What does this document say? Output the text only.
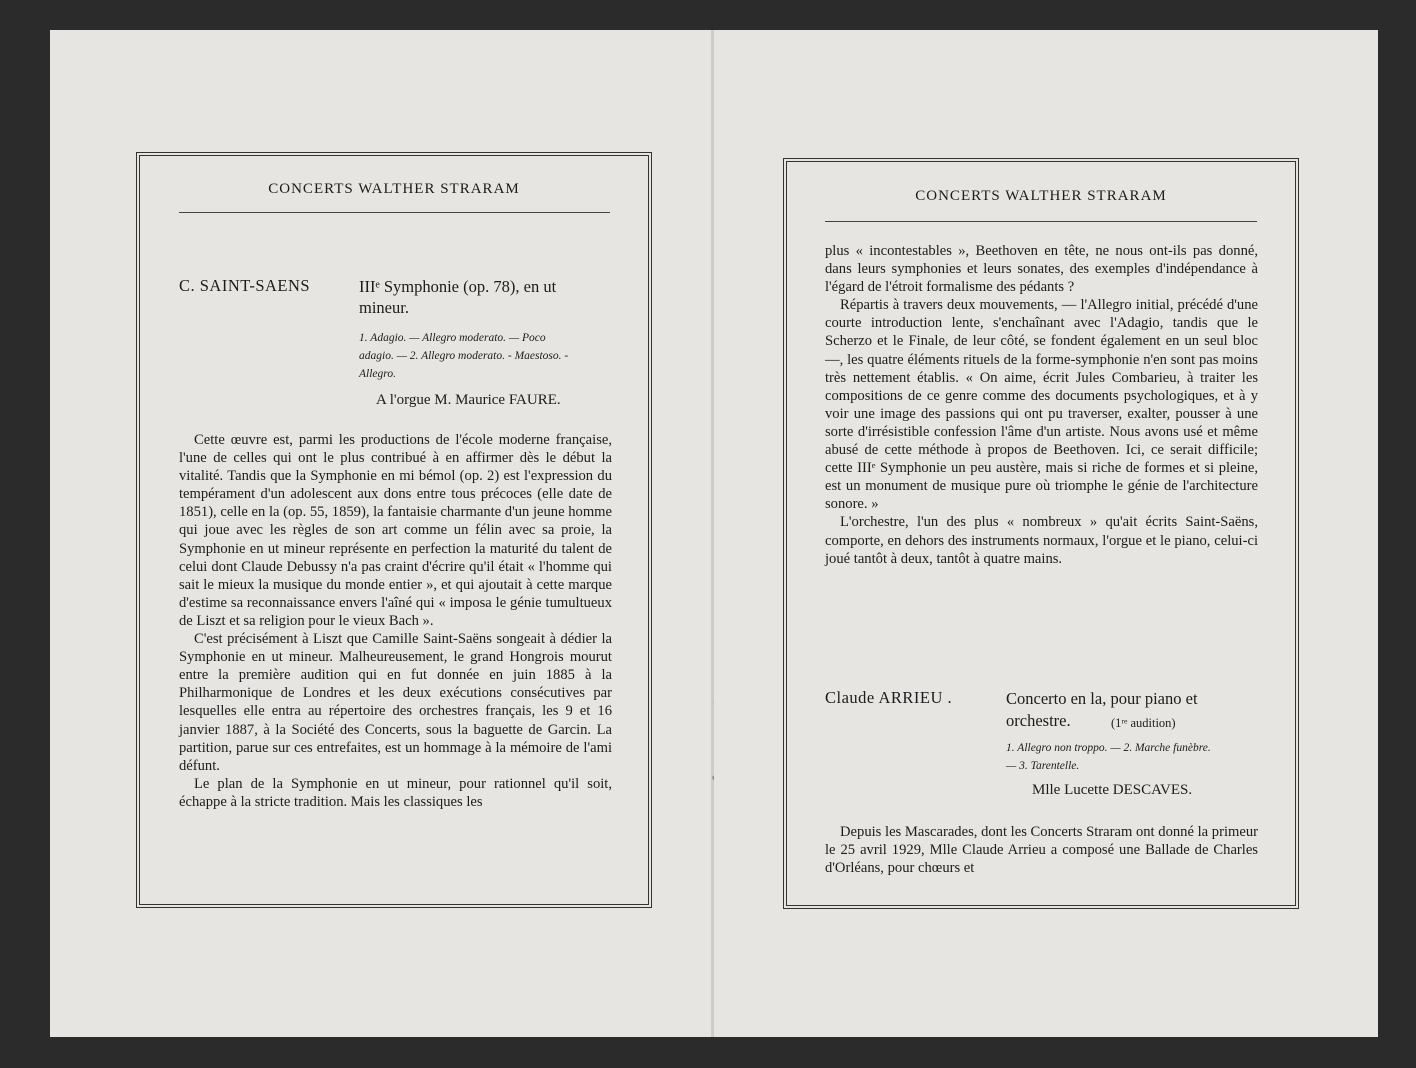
CONCERTS WALTHER STRARAM
C. SAINT-SAENS	IIIᵉ Symphonie (op. 78), en ut
mineur.
1. Adagio. — Allegro moderato. — Poco
adagio. — 2. Allegro moderato. - Maestoso. -
Allegro.
A l'orgue M. Maurice FAURE.

Cette œuvre est, parmi les productions de l'école moderne française, l'une de celles qui ont le plus contribué à en affirmer dès le début la vitalité. Tandis que la Symphonie en mi bémol (op. 2) est l'expression du tempérament d'un adolescent aux dons entre tous précoces (elle date de 1851), celle en la (op. 55, 1859), la fantaisie charmante d'un jeune homme qui joue avec les règles de son art comme un félin avec sa proie, la Symphonie en ut mineur représente en perfection la maturité du talent de celui dont Claude Debussy n'a pas craint d'écrire qu'il était « l'homme qui sait le mieux la musique du monde entier », et qui ajoutait à cette marque d'estime sa reconnaissance envers l'aîné qui « imposa le génie tumultueux de Liszt et sa religion pour le vieux Bach ».

C'est précisément à Liszt que Camille Saint-Saëns songeait à dédier la Symphonie en ut mineur. Malheureusement, le grand Hongrois mourut entre la première audition qui en fut donnée en juin 1885 à la Philharmonique de Londres et les deux exécutions consécutives par lesquelles elle entra au répertoire des orchestres français, les 9 et 16 janvier 1887, à la Société des Concerts, sous la baguette de Garcin. La partition, parue sur ces entrefaites, est un hommage à la mémoire de l'ami défunt.

Le plan de la Symphonie en ut mineur, pour rationnel qu'il soit, échappe à la stricte tradition. Mais les classiques les

CONCERTS WALTHER STRARAM

plus « incontestables », Beethoven en tête, ne nous ont-ils pas donné, dans leurs symphonies et leurs sonates, des exemples d'indépendance à l'égard de l'étroit formalisme des pédants ?

Répartis à travers deux mouvements, — l'Allegro initial, précédé d'une courte introduction lente, s'enchaînant avec l'Adagio, tandis que le Scherzo et le Finale, de leur côté, se fondent également en un seul bloc —, les quatre éléments rituels de la forme-symphonie n'en sont pas moins très nettement établis. « On aime, écrit Jules Combarieu, à traiter les compositions de ce genre comme des documents psychologiques, et à y voir une image des passions qui ont pu traverser, exalter, pousser à une sorte d'irrésistible confession l'âme d'un artiste. Nous avons usé et même abusé de cette méthode à propos de Beethoven. Ici, ce serait difficile; cette IIIᵉ Symphonie un peu austère, mais si riche de formes et si pleine, est un monument de musique pure où triomphe le génie de l'architecture sonore. »

L'orchestre, l'un des plus « nombreux » qu'ait écrits Saint-Saëns, comporte, en dehors des instruments normaux, l'orgue et le piano, celui-ci joué tantôt à deux, tantôt à quatre mains.

Claude ARRIEU .	Concerto en la, pour piano et
orchestre.	(1ʳᵉ audition)
1. Allegro non troppo. — 2. Marche funèbre.
— 3. Tarentelle.
Mlle Lucette DESCAVES.

Depuis les Mascarades, dont les Concerts Straram ont donné la primeur le 25 avril 1929, Mlle Claude Arrieu a composé une Ballade de Charles d'Orléans, pour chœurs et
